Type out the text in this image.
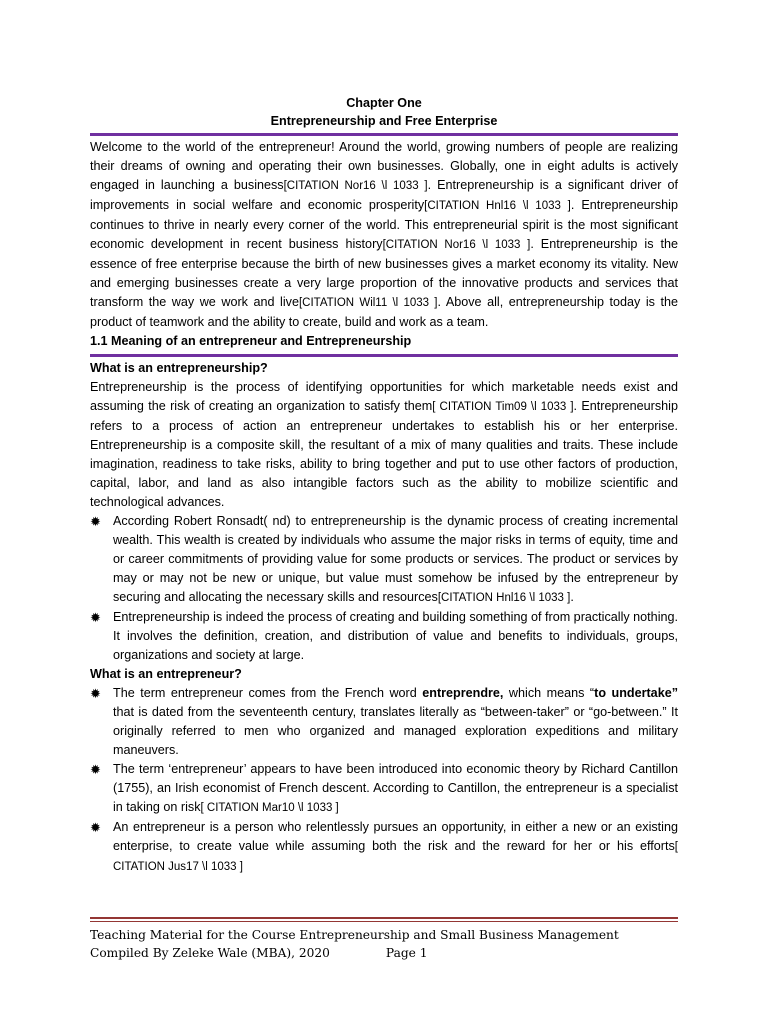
Chapter One
Entrepreneurship and Free Enterprise

Welcome to the world of the entrepreneur! Around the world, growing numbers of people are realizing their dreams of owning and operating their own businesses. Globally, one in eight adults is actively engaged in launching a business[CITATION Nor16 \l 1033 ]. Entrepreneurship is a significant driver of improvements in social welfare and economic prosperity[CITATION Hnl16 \l 1033 ]. Entrepreneurship continues to thrive in nearly every corner of the world. This entrepreneurial spirit is the most significant economic development in recent business history[CITATION Nor16 \l 1033 ]. Entrepreneurship is the essence of free enterprise because the birth of new businesses gives a market economy its vitality. New and emerging businesses create a very large proportion of the innovative products and services that transform the way we work and live[CITATION Wil11 \l 1033 ]. Above all, entrepreneurship today is the product of teamwork and the ability to create, build and work as a team.

1.1 Meaning of an entrepreneur and Entrepreneurship
What is an entrepreneurship?

Entrepreneurship is the process of identifying opportunities for which marketable needs exist and assuming the risk of creating an organization to satisfy them[ CITATION Tim09 \l 1033 ]. Entrepreneurship refers to a process of action an entrepreneur undertakes to establish his or her enterprise. Entrepreneurship is a composite skill, the resultant of a mix of many qualities and traits. These include imagination, readiness to take risks, ability to bring together and put to use other factors of production, capital, labor, and land as also intangible factors such as the ability to mobilize scientific and technological advances.

✹ According Robert Ronsadt( nd) to entrepreneurship is the dynamic process of creating incremental wealth. This wealth is created by individuals who assume the major risks in terms of equity, time and or career commitments of providing value for some products or services. The product or services by may or may not be new or unique, but value must somehow be infused by the entrepreneur by securing and allocating the necessary skills and resources[CITATION Hnl16 \l 1033 ].
✹ Entrepreneurship is indeed the process of creating and building something of from practically nothing. It involves the definition, creation, and distribution of value and benefits to individuals, groups, organizations and society at large.
What is an entrepreneur?
✹ The term entrepreneur comes from the French word entreprendre, which means “to undertake” that is dated from the seventeenth century, translates literally as “between-taker” or “go-between.” It originally referred to men who organized and managed exploration expeditions and military maneuvers.
✹ The term ‘entrepreneur’ appears to have been introduced into economic theory by Richard Cantillon (1755), an Irish economist of French descent. According to Cantillon, the entrepreneur is a specialist in taking on risk[ CITATION Mar10 \l 1033 ]
✹ An entrepreneur is a person who relentlessly pursues an opportunity, in either a new or an existing enterprise, to create value while assuming both the risk and the reward for her or his efforts[ CITATION Jus17 \l 1033 ]
Teaching Material for the Course Entrepreneurship and Small Business Management
Compiled By Zeleke Wale (MBA), 2020	Page 1
